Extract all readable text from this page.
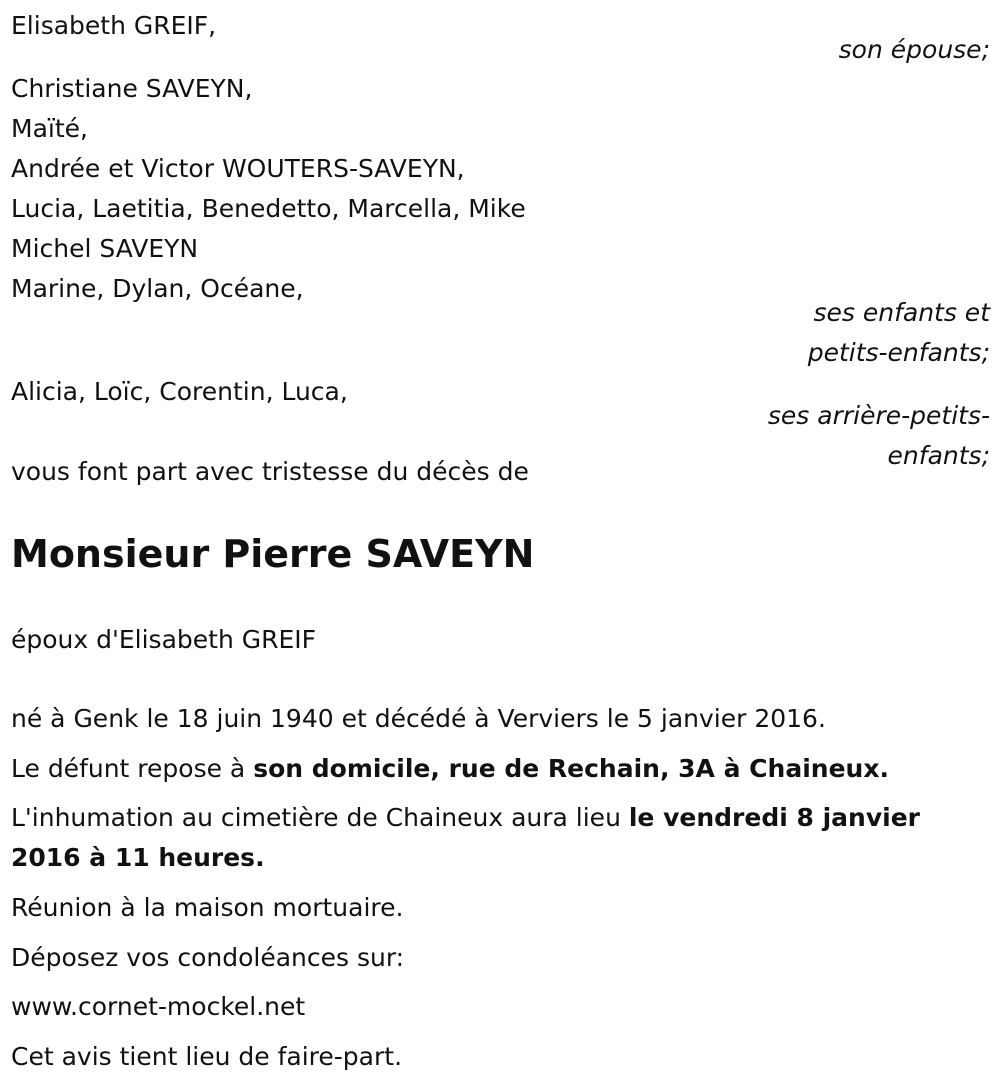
Elisabeth GREIF,
son épouse;
Christiane SAVEYN,
Maïté,
Andrée et Victor WOUTERS-SAVEYN,
Lucia, Laetitia, Benedetto, Marcella, Mike
Michel SAVEYN
Marine, Dylan, Océane,
ses enfants et
petits-enfants;
Alicia, Loïc, Corentin, Luca,
ses arrière-petits-
enfants;
vous font part avec tristesse du décès de
Monsieur Pierre SAVEYN
époux d'Elisabeth GREIF
né à Genk le 18 juin 1940 et décédé à Verviers le 5 janvier 2016.
Le défunt repose à son domicile, rue de Rechain, 3A à Chaineux.
L'inhumation au cimetière de Chaineux aura lieu le vendredi 8 janvier
2016 à 11 heures.
Réunion à la maison mortuaire.
Déposez vos condoléances sur:
www.cornet-mockel.net
Cet avis tient lieu de faire-part.
